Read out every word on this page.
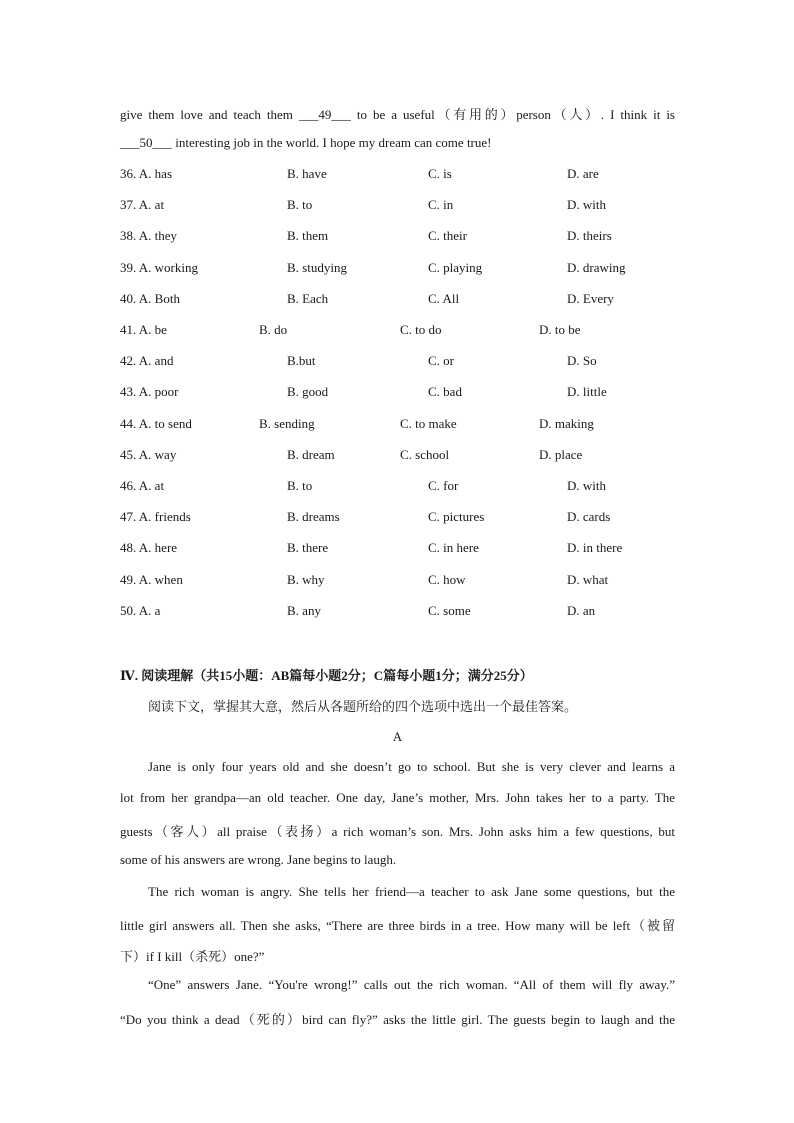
give them love and teach them ___49___ to be a useful（有用的）person（人）. I think it is
___50___ interesting job in the world. I hope my dream can come true!
36. A. has	B. have	C. is	D. are
37. A. at	B. to	C. in	D. with
38. A. they	B. them	C. their	D. theirs
39. A. working	B. studying	C. playing	D. drawing
40. A. Both	B. Each	C. All	D. Every
41. A. be	B. do	C. to do	D. to be
42. A. and	B.but	C. or	D. So
43. A. poor	B. good	C. bad	D. little
44. A. to send	B. sending	C. to make	D. making
45. A. way	B. dream	C. school	D. place
46. A. at	B. to	C. for	D. with
47. A. friends	B. dreams	C. pictures	D. cards
48. A. here	B. there	C. in here	D. in there
49. A. when	B. why	C. how	D. what
50. A. a	B. any	C. some	D. an
Ⅳ. 阅读理解（共15小题：AB篇每小题2分；C篇每小题1分；满分25分）
阅读下文，掌握其大意，然后从各题所给的四个选项中选出一个最佳答案。
A
Jane is only four years old and she doesn’t go to school. But she is very clever and learns a
lot from her grandpa—an old teacher. One day, Jane’s mother, Mrs. John takes her to a party. The
guests（客人）all praise（表扬）a rich woman’s son. Mrs. John asks him a few questions, but
some of his answers are wrong. Jane begins to laugh.
The rich woman is angry. She tells her friend—a teacher to ask Jane some questions, but the
little girl answers all. Then she asks, “There are three birds in a tree. How many will be left（被留
下）if I kill（杀死）one?”
“One” answers Jane. “You're wrong!” calls out the rich woman. “All of them will fly away.”
“Do you think a dead（死的）bird can fly?” asks the little girl. The guests begin to laugh and the
